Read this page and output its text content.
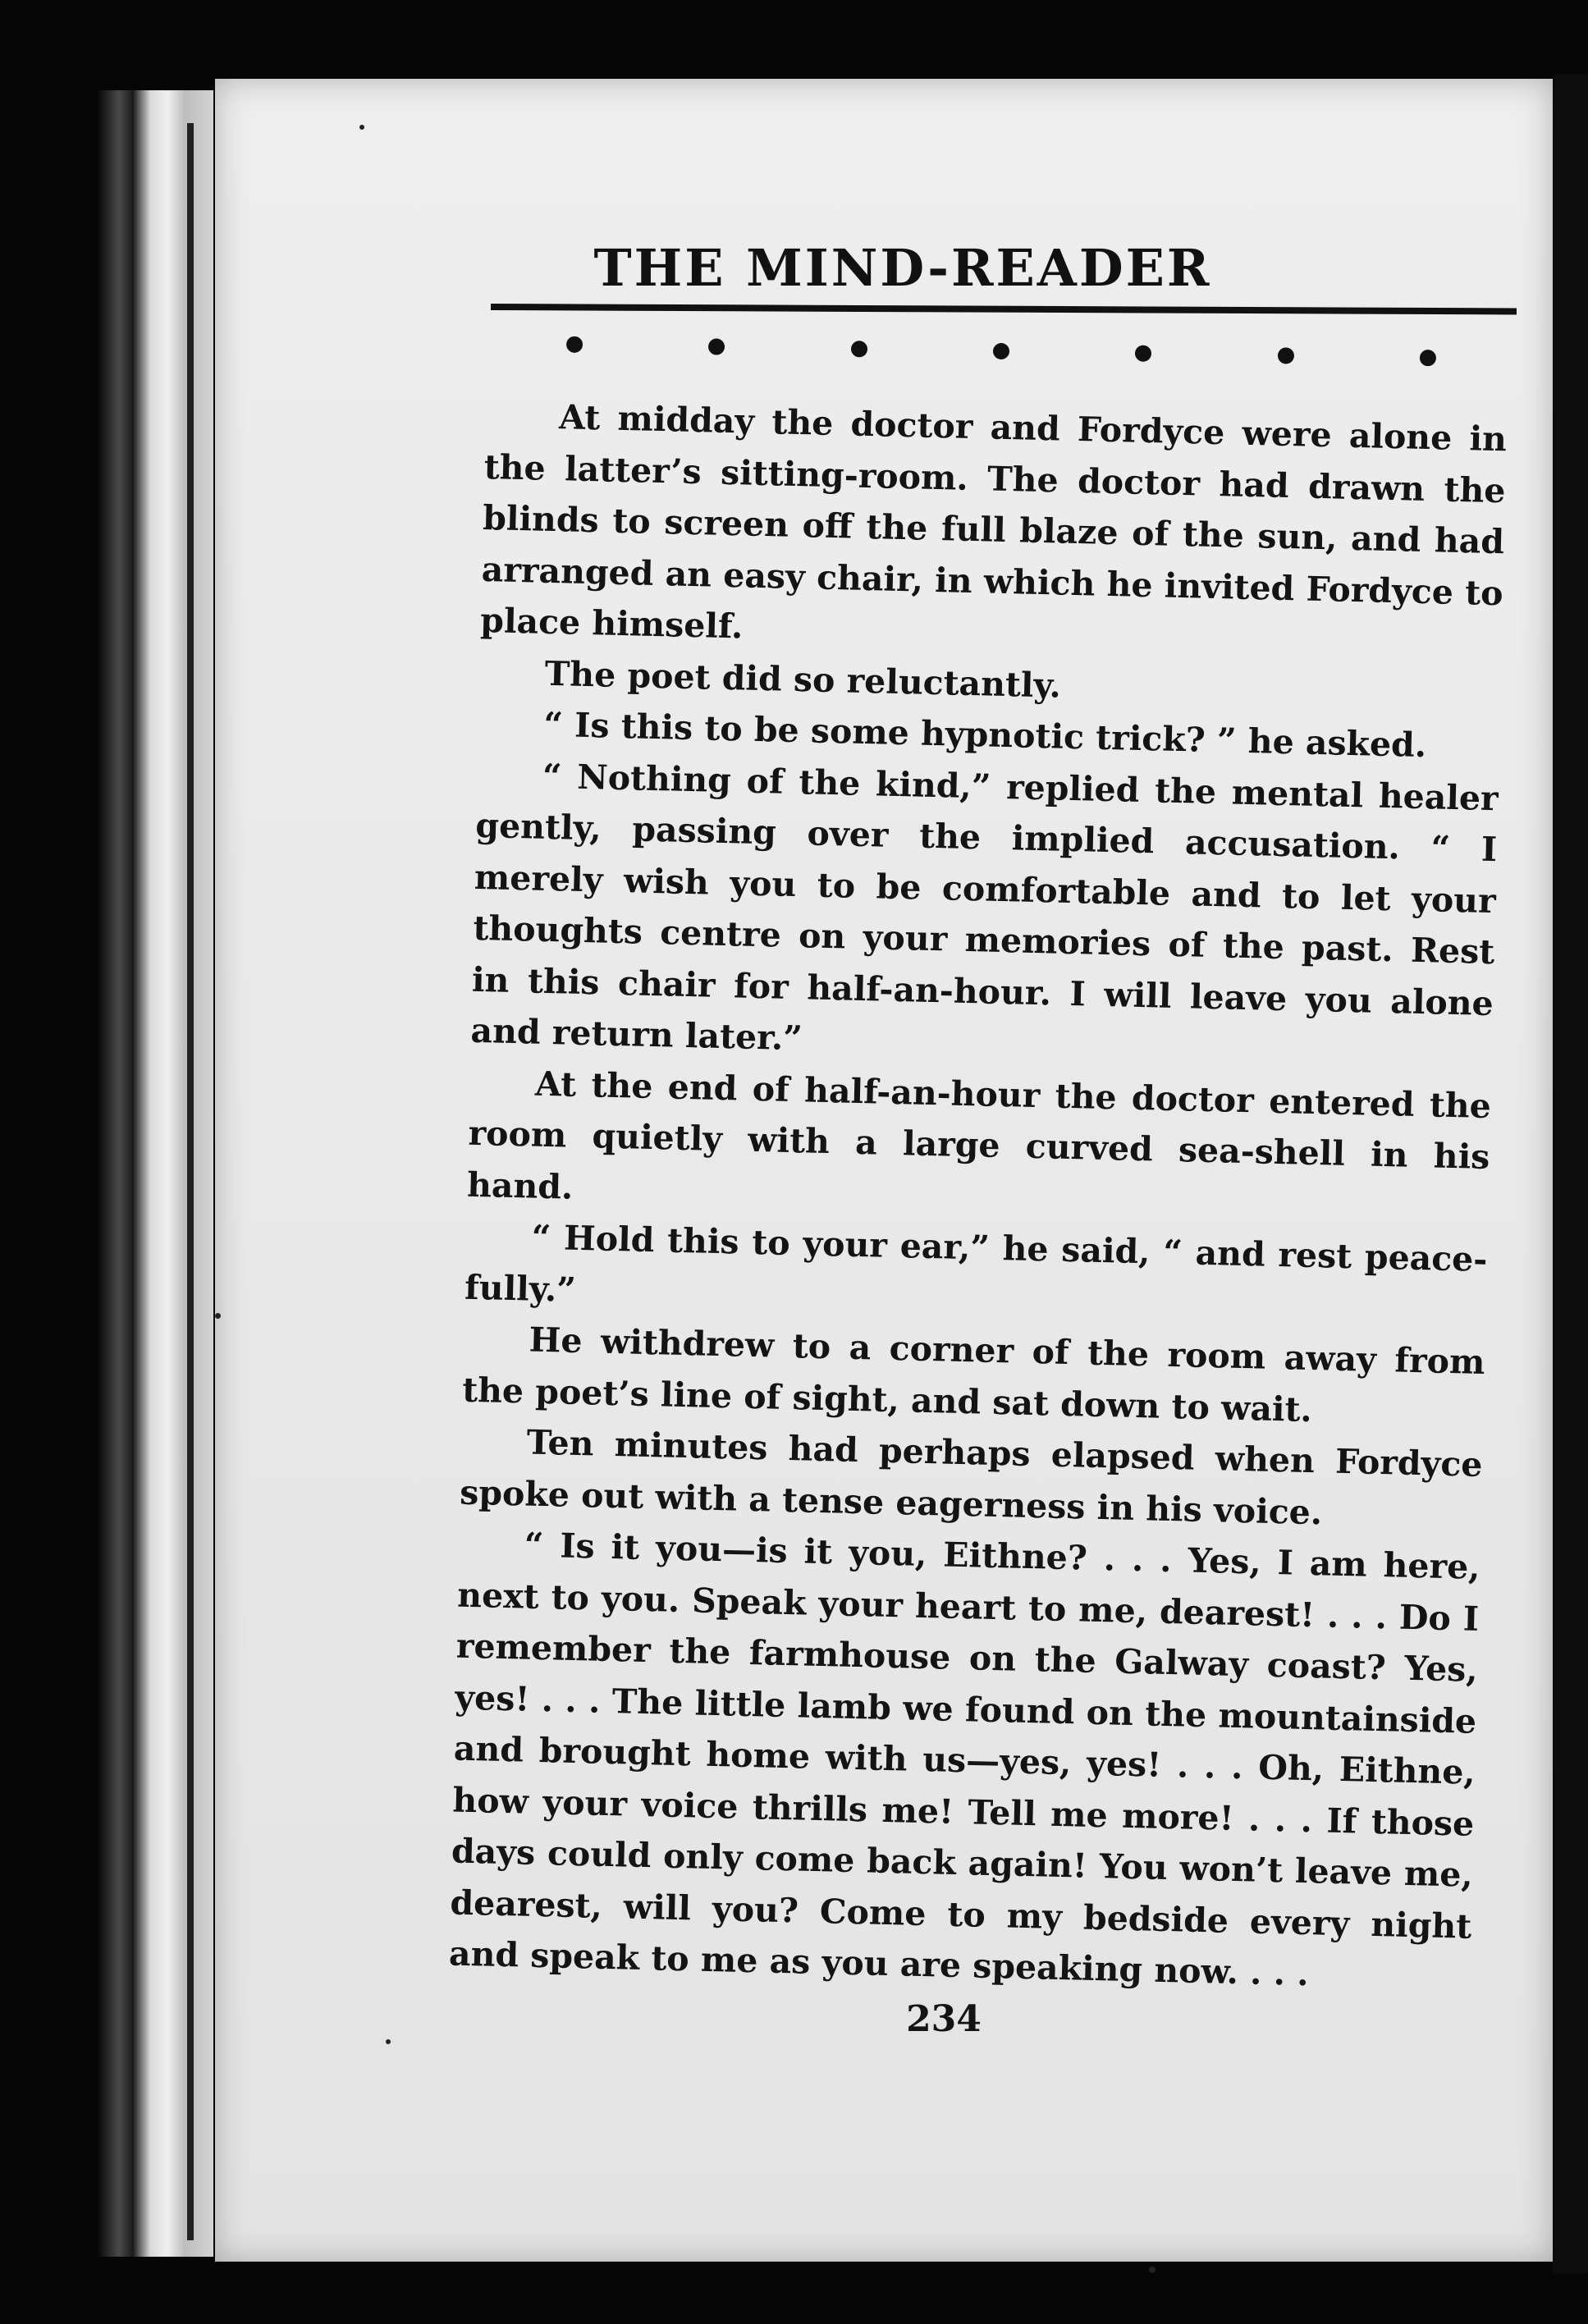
THE MIND-READER

At midday the doctor and Fordyce were alone in the latter’s sitting-room. The doctor had drawn the blinds to screen off the full blaze of the sun, and had arranged an easy chair, in which he invited Fordyce to place himself.

The poet did so reluctantly.

“ Is this to be some hypnotic trick? ” he asked.

“ Nothing of the kind,” replied the mental healer gently, passing over the implied accusation. “ I merely wish you to be comfortable and to let your thoughts centre on your memories of the past. Rest in this chair for half-an-hour. I will leave you alone and return later.”

At the end of half-an-hour the doctor entered the room quietly with a large curved sea-shell in his hand.

“ Hold this to your ear,” he said, “ and rest peacefully.”

He withdrew to a corner of the room away from the poet’s line of sight, and sat down to wait.

Ten minutes had perhaps elapsed when Fordyce spoke out with a tense eagerness in his voice.

“ Is it you—is it you, Eithne? . . . Yes, I am here, next to you. Speak your heart to me, dearest! . . . Do I remember the farmhouse on the Galway coast? Yes, yes! . . . The little lamb we found on the mountainside and brought home with us—yes, yes! . . . Oh, Eithne, how your voice thrills me! Tell me more! . . . If those days could only come back again! You won’t leave me, dearest, will you? Come to my bedside every night and speak to me as you are speaking now. . . .

234
